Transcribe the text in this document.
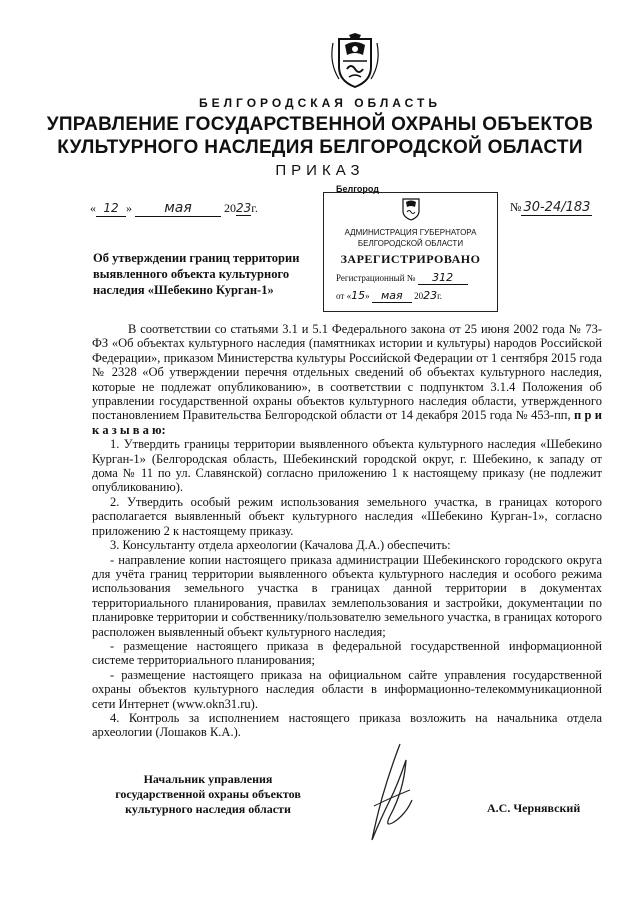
БЕЛГОРОДСКАЯ ОБЛАСТЬ
УПРАВЛЕНИЕ ГОСУДАРСТВЕННОЙ ОХРАНЫ ОБЪЕКТОВ
КУЛЬТУРНОГО НАСЛЕДИЯ БЕЛГОРОДСКОЙ ОБЛАСТИ
ПРИКАЗ
Белгород
« 12 » мая	2023г.	№ 30-24/183
АДМИНИСТРАЦИЯ ГУБЕРНАТОРА
БЕЛГОРОДСКОЙ ОБЛАСТИ
ЗАРЕГИСТРИРОВАНО
Регистрационный № 312
от «15» мая 2023г.
Об утверждении границ территории выявленного объекта культурного наследия «Шебекино Курган-1»

В соответствии со статьями 3.1 и 5.1 Федерального закона от 25 июня 2002 года № 73-ФЗ «Об объектах культурного наследия (памятниках истории и культуры) народов Российской Федерации», приказом Министерства культуры Российской Федерации от 1 сентября 2015 года № 2328 «Об утверждении перечня отдельных сведений об объектах культурного наследия, которые не подлежат опубликованию», в соответствии с подпунктом 3.1.4 Положения об управлении государственной охраны объектов культурного наследия области, утвержденного постановлением Правительства Белгородской области от 14 декабря 2015 года № 453-пп, п р и к а з ы в а ю:

1. Утвердить границы территории выявленного объекта культурного наследия «Шебекино Курган-1» (Белгородская область, Шебекинский городской округ, г. Шебекино, к западу от дома № 11 по ул. Славянской) согласно приложению 1 к настоящему приказу (не подлежит опубликованию).

2. Утвердить особый режим использования земельного участка, в границах которого располагается выявленный объект культурного наследия «Шебекино Курган-1», согласно приложению 2 к настоящему приказу.

3. Консультанту отдела археологии (Качалова Д.А.) обеспечить:

- направление копии настоящего приказа администрации Шебекинского городского округа для учёта границ территории выявленного объекта культурного наследия и особого режима использования земельного участка в границах данной территории в документах территориального планирования, правилах землепользования и застройки, документации по планировке территории и собственнику/пользователю земельного участка, в границах которого расположен выявленный объект культурного наследия;

- размещение настоящего приказа в федеральной государственной информационной системе территориального планирования;

- размещение настоящего приказа на официальном сайте управления государственной охраны объектов культурного наследия области в информационно-телекоммуникационной сети Интернет (www.okn31.ru).

4. Контроль за исполнением настоящего приказа возложить на начальника отдела археологии (Лошаков К.А.).

Начальник управления
государственной охраны объектов
культурного наследия области	А.С. Чернявский
